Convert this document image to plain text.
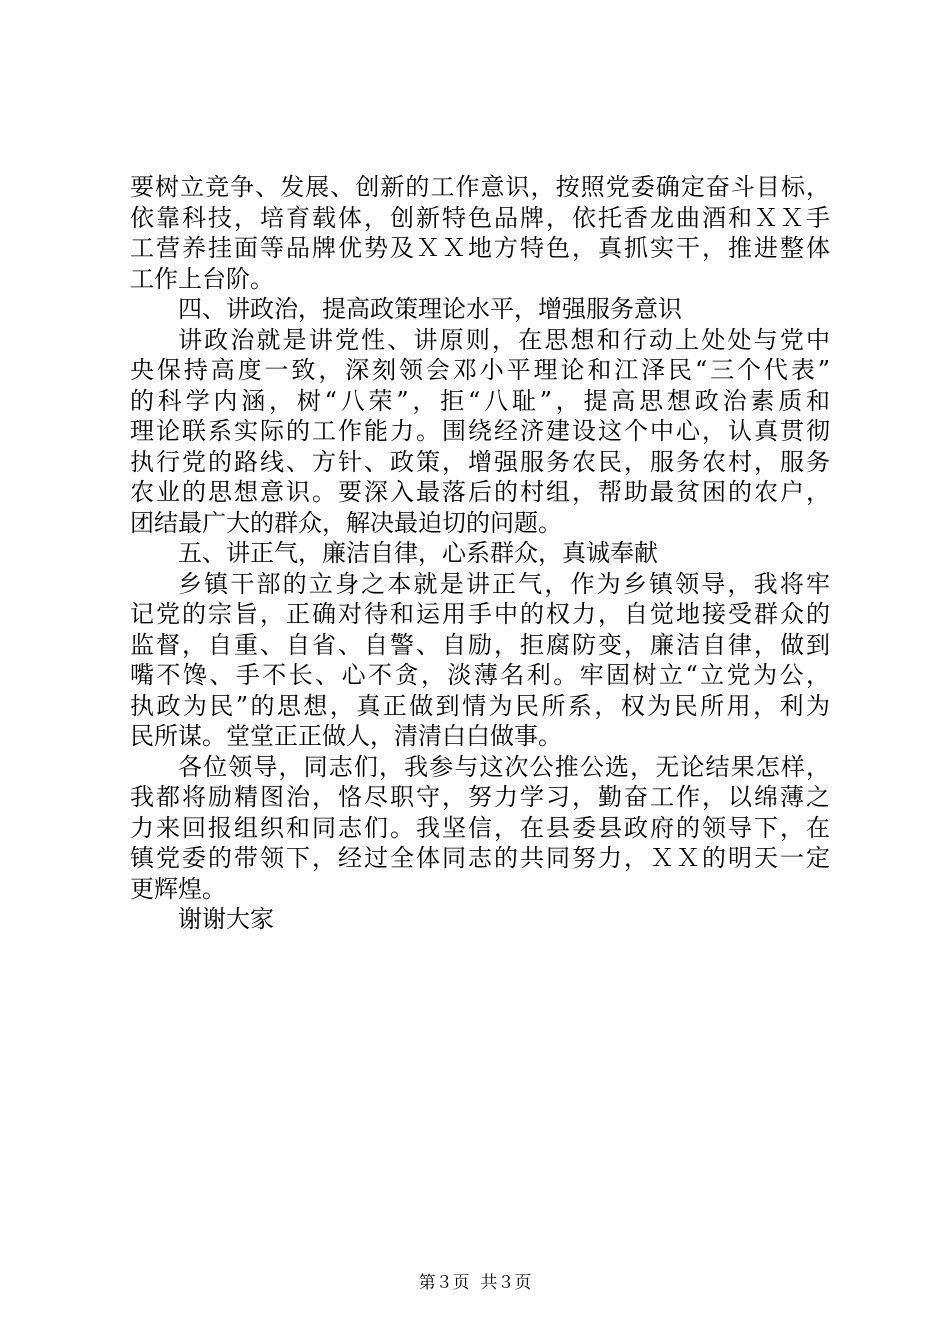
要树立竞争、发展、创新的工作意识，按照党委确定奋斗目标，
依靠科技，培育载体，创新特色品牌，依托香龙曲酒和ＸＸ手
工营养挂面等品牌优势及ＸＸ地方特色，真抓实干，推进整体
工作上台阶。
四、讲政治，提高政策理论水平，增强服务意识
讲政治就是讲党性、讲原则，在思想和行动上处处与党中
央保持高度一致，深刻领会邓小平理论和江泽民“三个代表”
的科学内涵，树“八荣”，拒“八耻”，提高思想政治素质和
理论联系实际的工作能力。围绕经济建设这个中心，认真贯彻
执行党的路线、方针、政策，增强服务农民，服务农村，服务
农业的思想意识。要深入最落后的村组，帮助最贫困的农户，
团结最广大的群众，解决最迫切的问题。
五、讲正气，廉洁自律，心系群众，真诚奉献
乡镇干部的立身之本就是讲正气，作为乡镇领导，我将牢
记党的宗旨，正确对待和运用手中的权力，自觉地接受群众的
监督，自重、自省、自警、自励，拒腐防变，廉洁自律，做到
嘴不馋、手不长、心不贪，淡薄名利。牢固树立“立党为公，
执政为民”的思想，真正做到情为民所系，权为民所用，利为
民所谋。堂堂正正做人，清清白白做事。
各位领导，同志们，我参与这次公推公选，无论结果怎样，
我都将励精图治，恪尽职守，努力学习，勤奋工作，以绵薄之
力来回报组织和同志们。我坚信，在县委县政府的领导下，在
镇党委的带领下，经过全体同志的共同努力，ＸＸ的明天一定
更辉煌。
谢谢大家
第３页 共３页
